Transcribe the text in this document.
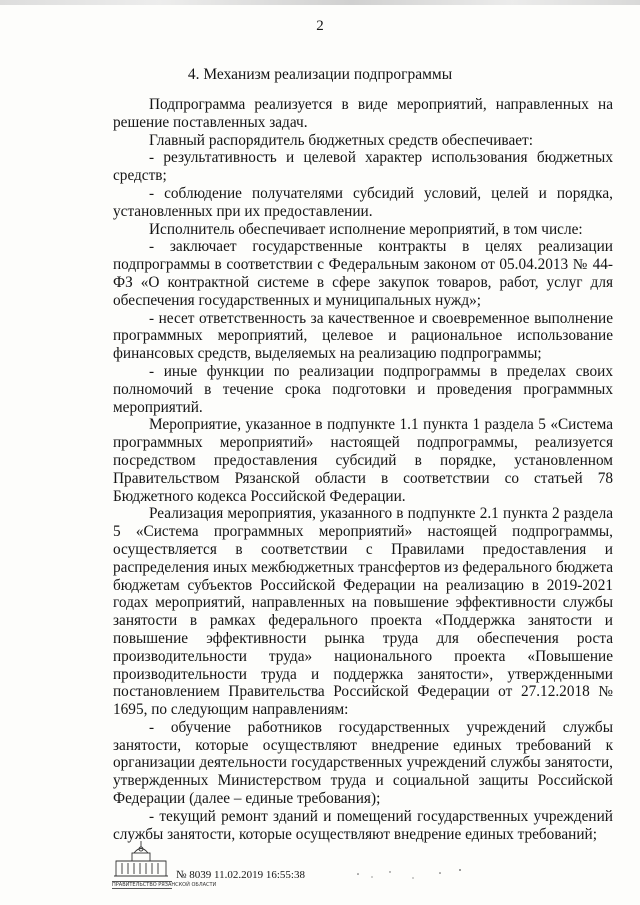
2
4. Механизм реализации подпрограммы

Подпрограмма реализуется в виде мероприятий, направленных на решение поставленных задач.

Главный распорядитель бюджетных средств обеспечивает:

- результативность и целевой характер использования бюджетных средств;

- соблюдение получателями субсидий условий, целей и порядка, установленных при их предоставлении.

Исполнитель обеспечивает исполнение мероприятий, в том числе:

- заключает государственные контракты в целях реализации подпрограммы в соответствии с Федеральным законом от 05.04.2013 № 44-ФЗ «О контрактной системе в сфере закупок товаров, работ, услуг для обеспечения государственных и муниципальных нужд»;

- несет ответственность за качественное и своевременное выполнение программных мероприятий, целевое и рациональное использование финансовых средств, выделяемых на реализацию подпрограммы;

- иные функции по реализации подпрограммы в пределах своих полномочий в течение срока подготовки и проведения программных мероприятий.

Мероприятие, указанное в подпункте 1.1 пункта 1 раздела 5 «Система программных мероприятий» настоящей подпрограммы, реализуется посредством предоставления субсидий в порядке, установленном Правительством Рязанской области в соответствии со статьей 78 Бюджетного кодекса Российской Федерации.

Реализация мероприятия, указанного в подпункте 2.1 пункта 2 раздела 5 «Система программных мероприятий» настоящей подпрограммы, осуществляется в соответствии с Правилами предоставления и распределения иных межбюджетных трансфертов из федерального бюджета бюджетам субъектов Российской Федерации на реализацию в 2019-2021 годах мероприятий, направленных на повышение эффективности службы занятости в рамках федерального проекта «Поддержка занятости и повышение эффективности рынка труда для обеспечения роста производительности труда» национального проекта «Повышение производительности труда и поддержка занятости», утвержденными постановлением Правительства Российской Федерации от 27.12.2018 № 1695, по следующим направлениям:

- обучение работников государственных учреждений службы занятости, которые осуществляют внедрение единых требований к организации деятельности государственных учреждений службы занятости, утвержденных Министерством труда и социальной защиты Российской Федерации (далее – единые требования);

- текущий ремонт зданий и помещений государственных учреждений службы занятости, которые осуществляют внедрение единых требований;

ПРАВИТЕЛЬСТВО РЯЗАНСКОЙ ОБЛАСТИ
№ 8039 11.02.2019 16:55:38
